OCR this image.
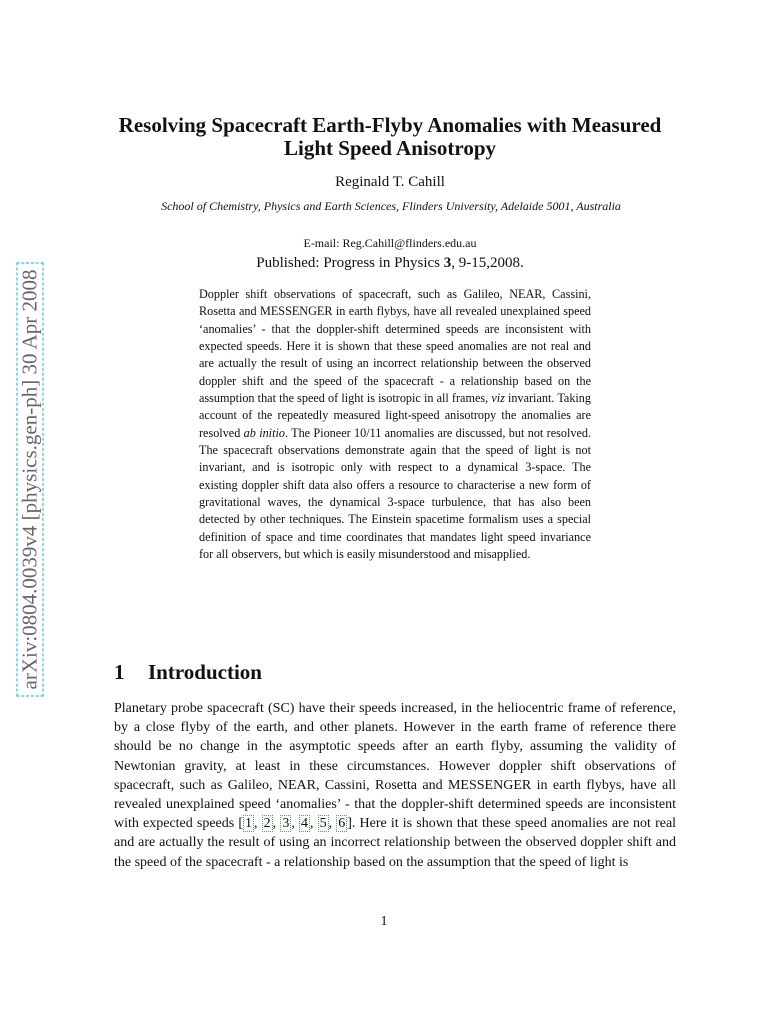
arXiv:0804.0039v4 [physics.gen-ph] 30 Apr 2008
Resolving Spacecraft Earth-Flyby Anomalies with Measured Light Speed Anisotropy
Reginald T. Cahill
School of Chemistry, Physics and Earth Sciences, Flinders University, Adelaide 5001, Australia
E-mail: Reg.Cahill@flinders.edu.au
Published: Progress in Physics 3, 9-15,2008.
Doppler shift observations of spacecraft, such as Galileo, NEAR, Cassini, Rosetta and MESSENGER in earth flybys, have all revealed unexplained speed ‘anomalies’ - that the doppler-shift determined speeds are inconsistent with expected speeds. Here it is shown that these speed anomalies are not real and are actually the result of using an incorrect relationship between the observed doppler shift and the speed of the spacecraft - a relationship based on the assumption that the speed of light is isotropic in all frames, viz invariant. Taking account of the repeatedly measured light-speed anisotropy the anomalies are resolved ab initio. The Pioneer 10/11 anomalies are discussed, but not resolved. The spacecraft observations demonstrate again that the speed of light is not invariant, and is isotropic only with respect to a dynamical 3-space. The existing doppler shift data also offers a resource to characterise a new form of gravitational waves, the dynamical 3-space turbulence, that has also been detected by other techniques. The Einstein spacetime formalism uses a special definition of space and time coordinates that mandates light speed invariance for all observers, but which is easily misunderstood and misapplied.
1 Introduction
Planetary probe spacecraft (SC) have their speeds increased, in the heliocentric frame of reference, by a close flyby of the earth, and other planets. However in the earth frame of reference there should be no change in the asymptotic speeds after an earth flyby, assuming the validity of Newtonian gravity, at least in these circumstances. However doppler shift observations of spacecraft, such as Galileo, NEAR, Cassini, Rosetta and MESSENGER in earth flybys, have all revealed unexplained speed ‘anomalies’ - that the doppler-shift determined speeds are inconsistent with expected speeds [ 1 , 2 , 3 , 4 , 5 , 6 ]. Here it is shown that these speed anomalies are not real and are actually the result of using an incorrect relationship between the observed doppler shift and the speed of the spacecraft - a relationship based on the assumption that the speed of light is
1
